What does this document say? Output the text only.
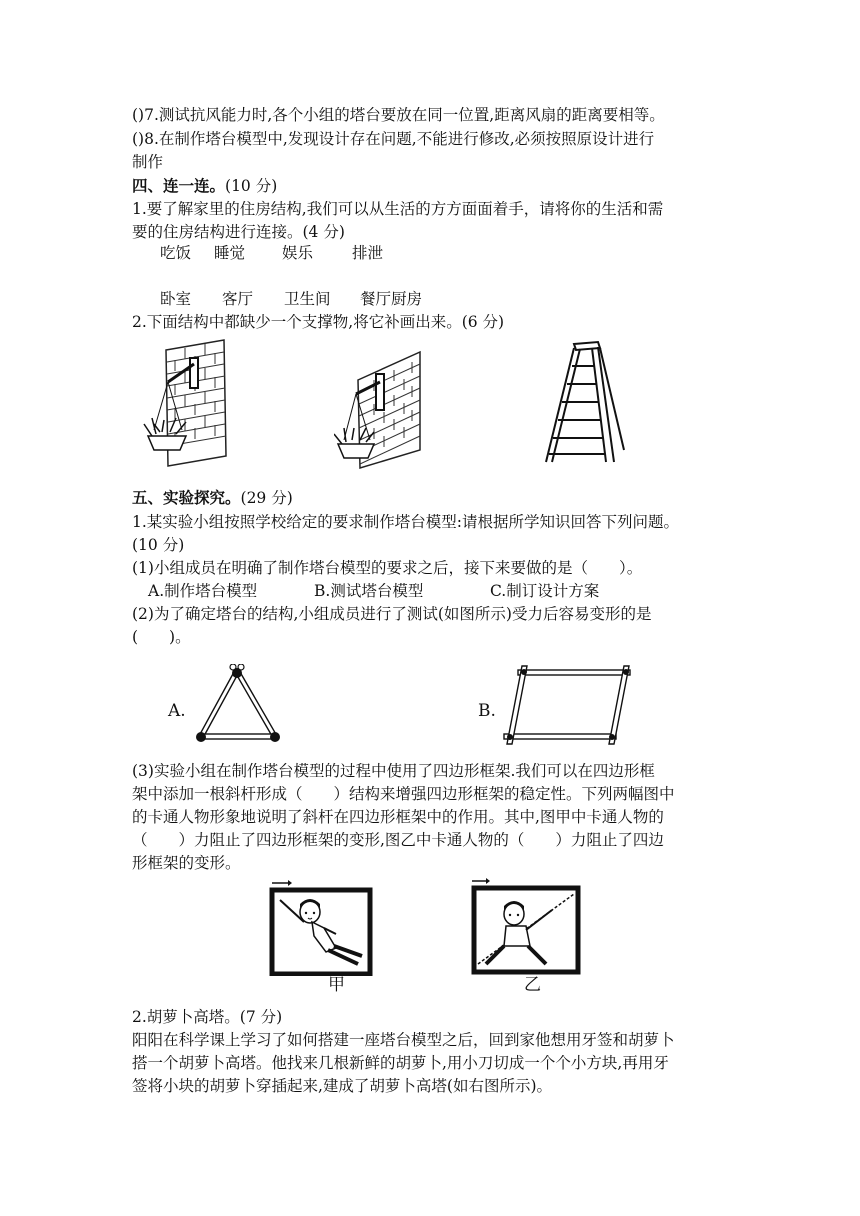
()7.测试抗风能力时,各个小组的塔台要放在同一位置,距离风扇的距离要相等。
()8.在制作塔台模型中,发现设计存在问题,不能进行修改,必须按照原设计进行
制作
四、连一连。(10 分)
1.要了解家里的住房结构,我们可以从生活的方方面面着手，请将你的生活和需
要的住房结构进行连接。(4 分)
吃饭 睡觉 娱乐	排泄
卧室 客厅 卫生间 餐厅厨房
2.下面结构中都缺少一个支撑物,将它补画出来。(6 分)
五、实验探究。(29 分)
1.某实验小组按照学校给定的要求制作塔台模型:请根据所学知识回答下列问题。
(10 分)
(1)小组成员在明确了制作塔台模型的要求之后，接下来要做的是（　　）。
A.制作塔台模型	B.测试塔台模型	C.制订设计方案
(2)为了确定塔台的结构,小组成员进行了测试(如图所示)受力后容易变形的是
(　　)。
A.	B.
(3)实验小组在制作塔台模型的过程中使用了四边形框架.我们可以在四边形框
架中添加一根斜杆形成（　　）结构来增强四边形框架的稳定性。下列两幅图中
的卡通人物形象地说明了斜杆在四边形框架中的作用。其中,图甲中卡通人物的
（　　）力阻止了四边形框架的变形,图乙中卡通人物的（　　）力阻止了四边
形框架的变形。
甲	乙
2.胡萝卜高塔。(7 分)
阳阳在科学课上学习了如何搭建一座塔台模型之后，回到家他想用牙签和胡萝卜
搭一个胡萝卜高塔。他找来几根新鲜的胡萝卜,用小刀切成一个个小方块,再用牙
签将小块的胡萝卜穿插起来,建成了胡萝卜高塔(如右图所示)。
